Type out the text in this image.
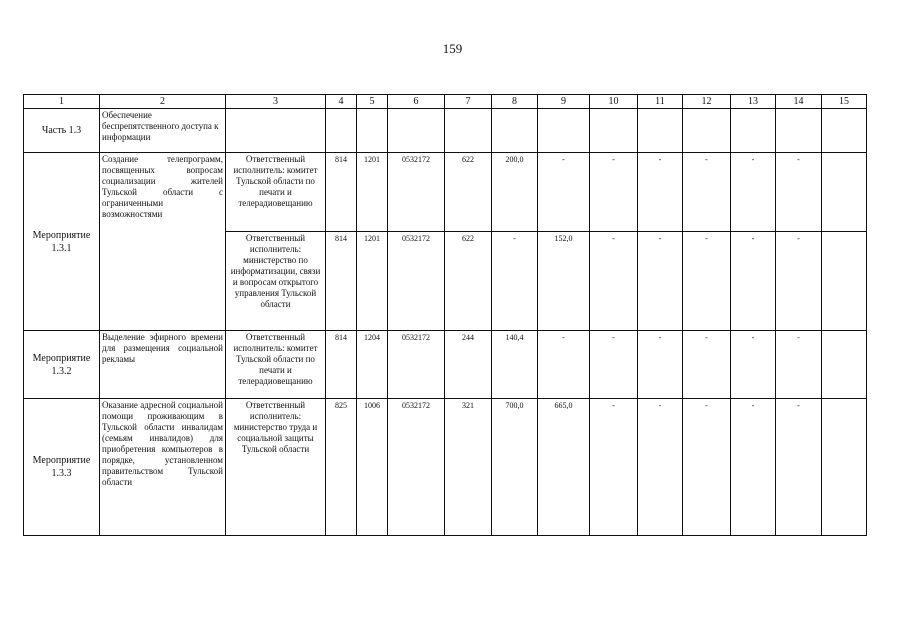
159
1	2	3	4	5	6	7	8	9	10	11	12	13	14	15
Часть 1.3	Обеспечение беспрепятственного доступа к информации													
Мероприятие 1.3.1	Создание телепрограмм, посвященных вопросам социализации жителей Тульской области с ограниченными возможностями	Ответственный исполнитель: комитет Тульской области по печати и телерадиовещанию	814	1201	0532172	622	200,0	-	-	-	-	-	-	
		Ответственный исполнитель: министерство по информатизации, связи и вопросам открытого управления Тульской области	814	1201	0532172	622	-	152,0	-	-	-	-	-	
Мероприятие 1.3.2	Выделение эфирного времени для размещения социальной рекламы	Ответственный исполнитель: комитет Тульской области по печати и телерадиовещанию	814	1204	0532172	244	140,4	-	-	-	-	-	-	
Мероприятие 1.3.3	Оказание адресной социальной помощи проживающим в Тульской области инвалидам (семьям инвалидов) для приобретения компьютеров в порядке, установленном правительством Тульской области	Ответственный исполнитель: министерство труда и социальной защиты Тульской области	825	1006	0532172	321	700,0	665,0	-	-	-	-	-	
